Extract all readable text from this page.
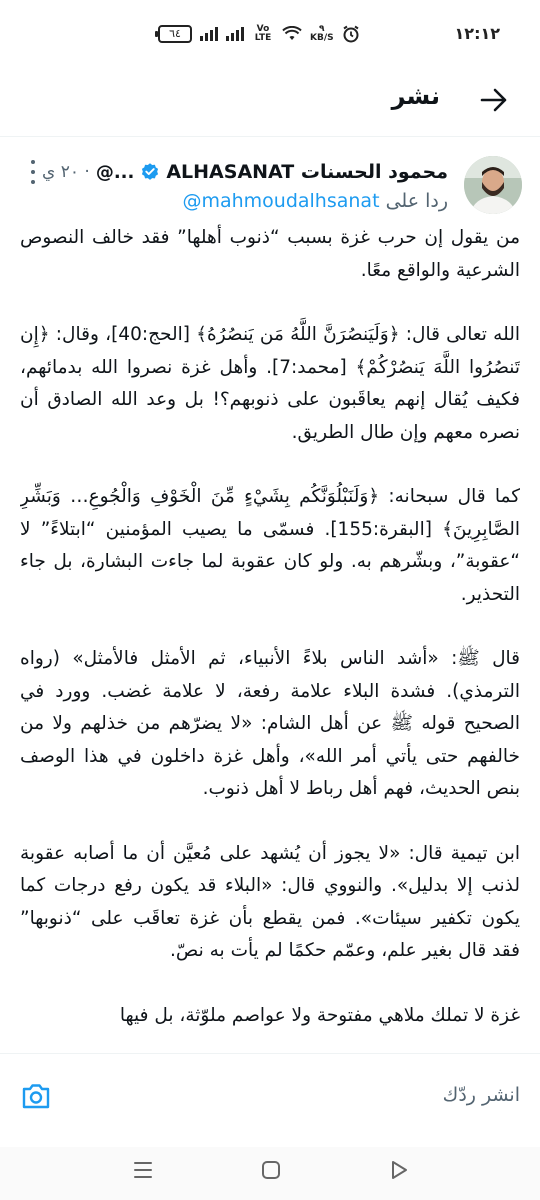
٦٤	Vo LTE
٩
KB/S	١٢:١٢
نشر
محمود الحسنات ALHASANAT
@...
· ٢٠ ي
ردا على @mahmoudalhsanat

من يقول إن حرب غزة بسبب “ذنوب أهلها” فقد خالف النصوص الشرعية والواقع معًا.

الله تعالى قال: ﴿وَلَيَنصُرَنَّ اللَّهُ مَن يَنصُرُهُ﴾ [الحج:40]، وقال: ﴿إِن تَنصُرُوا اللَّهَ يَنصُرْكُمْ﴾ [محمد:7]. وأهل غزة نصروا الله بدمائهم، فكيف يُقال إنهم يعاقَبون على ذنوبهم؟! بل وعد الله الصادق أن نصره معهم وإن طال الطريق.

كما قال سبحانه: ﴿وَلَنَبْلُوَنَّكُم بِشَيْءٍ مِّنَ الْخَوْفِ وَالْجُوعِ… وَبَشِّرِ الصَّابِرِينَ﴾ [البقرة:155]. فسمّى ما يصيب المؤمنين “ابتلاءً” لا “عقوبة”، وبشّرهم به. ولو كان عقوبة لما جاءت البشارة، بل جاء التحذير.

قال ﷺ: «أشد الناس بلاءً الأنبياء، ثم الأمثل فالأمثل» (رواه الترمذي). فشدة البلاء علامة رفعة، لا علامة غضب. وورد في الصحيح قوله ﷺ عن أهل الشام: «لا يضرّهم من خذلهم ولا من خالفهم حتى يأتي أمر الله»، وأهل غزة داخلون في هذا الوصف بنص الحديث، فهم أهل رباط لا أهل ذنوب.

ابن تيمية قال: «لا يجوز أن يُشهد على مُعيَّن أن ما أصابه عقوبة لذنب إلا بدليل». والنووي قال: «البلاء قد يكون رفع درجات كما يكون تكفير سيئات». فمن يقطع بأن غزة تعاقَب على “ذنوبها” فقد قال بغير علم، وعمّم حكمًا لم يأت به نصّ.

غزة لا تملك ملاهي مفتوحة ولا عواصم ملوّثة، بل فيها

انشر ردّك
